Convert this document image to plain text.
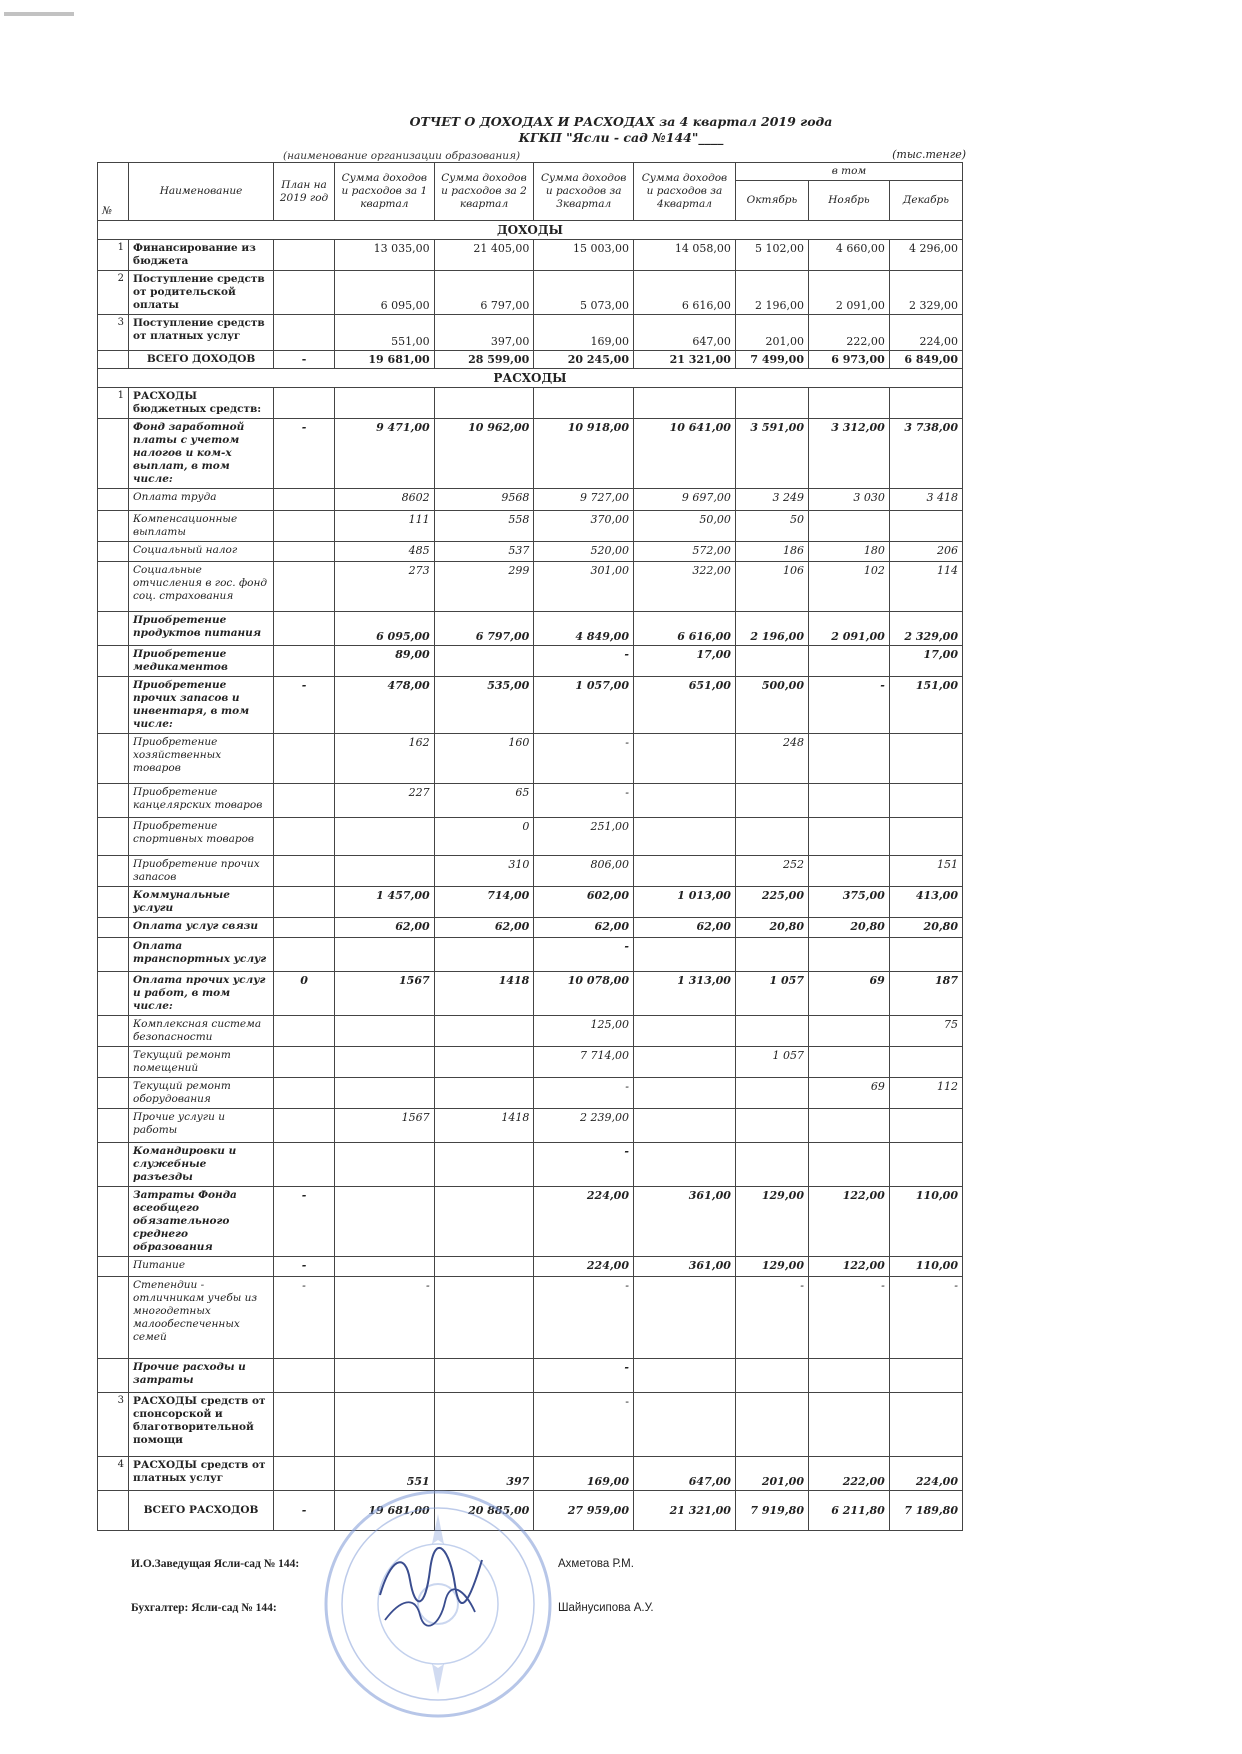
ОТЧЕТ О ДОХОДАХ И РАСХОДАХ за 4 квартал 2019 года
КГКП "Ясли - сад №144"____
(наименование организации образования)	(тыс.тенге)
№	Наименование	План на 2019 год	Сумма доходов и расходов за 1 квартал	Сумма доходов и расходов за 2 квартал	Сумма доходов и расходов за 3квартал	Сумма доходов и расходов за 4квартал	в том		
							Октябрь	Ноябрь	Декабрь
ДОХОДЫ									
1	Финансирование из бюджета		13 035,00	21 405,00	15 003,00	14 058,00	5 102,00	4 660,00	4 296,00
2	Поступление средств от родительской оплаты		6 095,00	6 797,00	5 073,00	6 616,00	2 196,00	2 091,00	2 329,00
3	Поступление средств от платных услуг		551,00	397,00	169,00	647,00	201,00	222,00	224,00
	ВСЕГО ДОХОДОВ	-	19 681,00	28 599,00	20 245,00	21 321,00	7 499,00	6 973,00	6 849,00
РАСХОДЫ									
1	РАСХОДЫ бюджетных средств:								
	Фонд заработной платы с учетом налогов и ком-х выплат, в том числе:	-	9 471,00	10 962,00	10 918,00	10 641,00	3 591,00	3 312,00	3 738,00
	Оплата труда		8602	9568	9 727,00	9 697,00	3 249	3 030	3 418
	Компенсационные выплаты		111	558	370,00	50,00	50		
	Социальный налог		485	537	520,00	572,00	186	180	206
	Социальные отчисления в гос. фонд соц. страхования		273	299	301,00	322,00	106	102	114
	Приобретение продуктов питания		6 095,00	6 797,00	4 849,00	6 616,00	2 196,00	2 091,00	2 329,00
	Приобретение медикаментов		89,00		-	17,00			17,00
	Приобретение прочих запасов и инвентаря, в том числе:	-	478,00	535,00	1 057,00	651,00	500,00	-	151,00
	Приобретение хозяйственных товаров		162	160	-		248		
	Приобретение канцелярских товаров		227	65	-				
	Приобретение спортивных товаров			0	251,00				
	Приобретение прочих запасов			310	806,00		252		151
	Коммунальные услуги		1 457,00	714,00	602,00	1 013,00	225,00	375,00	413,00
	Оплата услуг связи		62,00	62,00	62,00	62,00	20,80	20,80	20,80
	Оплата транспортных услуг				-				
	Оплата прочих услуг и работ, в том числе:	0	1567	1418	10 078,00	1 313,00	1 057	69	187
	Комплексная система безопасности				125,00				75
	Текущий ремонт помещений				7 714,00		1 057		
	Текущий ремонт оборудования				-			69	112
	Прочие услуги и работы		1567	1418	2 239,00				
	Командировки и служебные разъезды				-				
	Затраты Фонда всеобщего обязательного среднего образования	-			224,00	361,00	129,00	122,00	110,00
	Питание	-			224,00	361,00	129,00	122,00	110,00
	Степендии - отличникам учебы из многодетных малообеспеченных семей	-	-		-		-	-	-
	Прочие расходы и затраты				-				
3	РАСХОДЫ средств от спонсорской и благотворительной помощи				-				
4	РАСХОДЫ средств от платных услуг		551	397	169,00	647,00	201,00	222,00	224,00
	ВСЕГО РАСХОДОВ	-	19 681,00	20 885,00	27 959,00	21 321,00	7 919,80	6 211,80	7 189,80
И.О.Заведущая Ясли-сад № 144:	Ахметова Р.М.
Бухгалтер: Ясли-сад № 144:	Шайнусипова А.У.
